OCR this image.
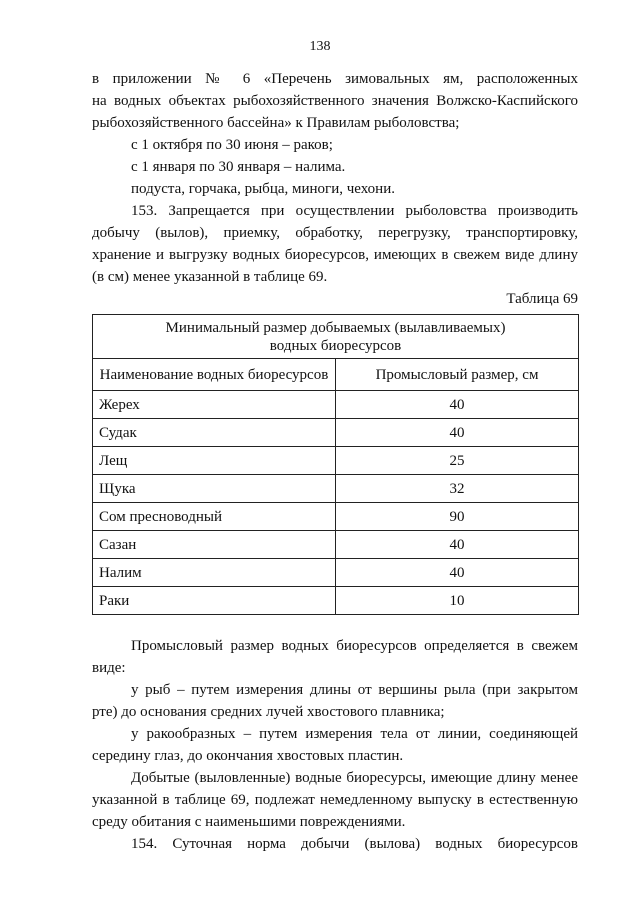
138
в приложении № 6 «Перечень зимовальных ям, расположенных
на водных объектах рыбохозяйственного значения Волжско-Каспийского
рыбохозяйственного бассейна» к Правилам рыболовства;
с 1 октября по 30 июня – раков;
с 1 января по 30 января – налима.
подуста, горчака, рыбца, миноги, чехони.
153. Запрещается при осуществлении рыболовства производить
добычу (вылов), приемку, обработку, перегрузку, транспортировку,
хранение и выгрузку водных биоресурсов, имеющих в свежем виде длину
(в см) менее указанной в таблице 69.
Таблица 69
Минимальный размер добываемых (вылавливаемых)
водных биоресурсов	
Наименование водных биоресурсов	Промысловый размер, см
Жерех	40
Судак	40
Лещ	25
Щука	32
Сом пресноводный	90
Сазан	40
Налим	40
Раки	10
Промысловый размер водных биоресурсов определяется в свежем
виде:
у рыб – путем измерения длины от вершины рыла (при закрытом
рте) до основания средних лучей хвостового плавника;
у ракообразных – путем измерения тела от линии, соединяющей
середину глаз, до окончания хвостовых пластин.
Добытые (выловленные) водные биоресурсы, имеющие длину менее
указанной в таблице 69, подлежат немедленному выпуску в естественную
среду обитания с наименьшими повреждениями.
154. Суточная норма добычи (вылова) водных биоресурсов
